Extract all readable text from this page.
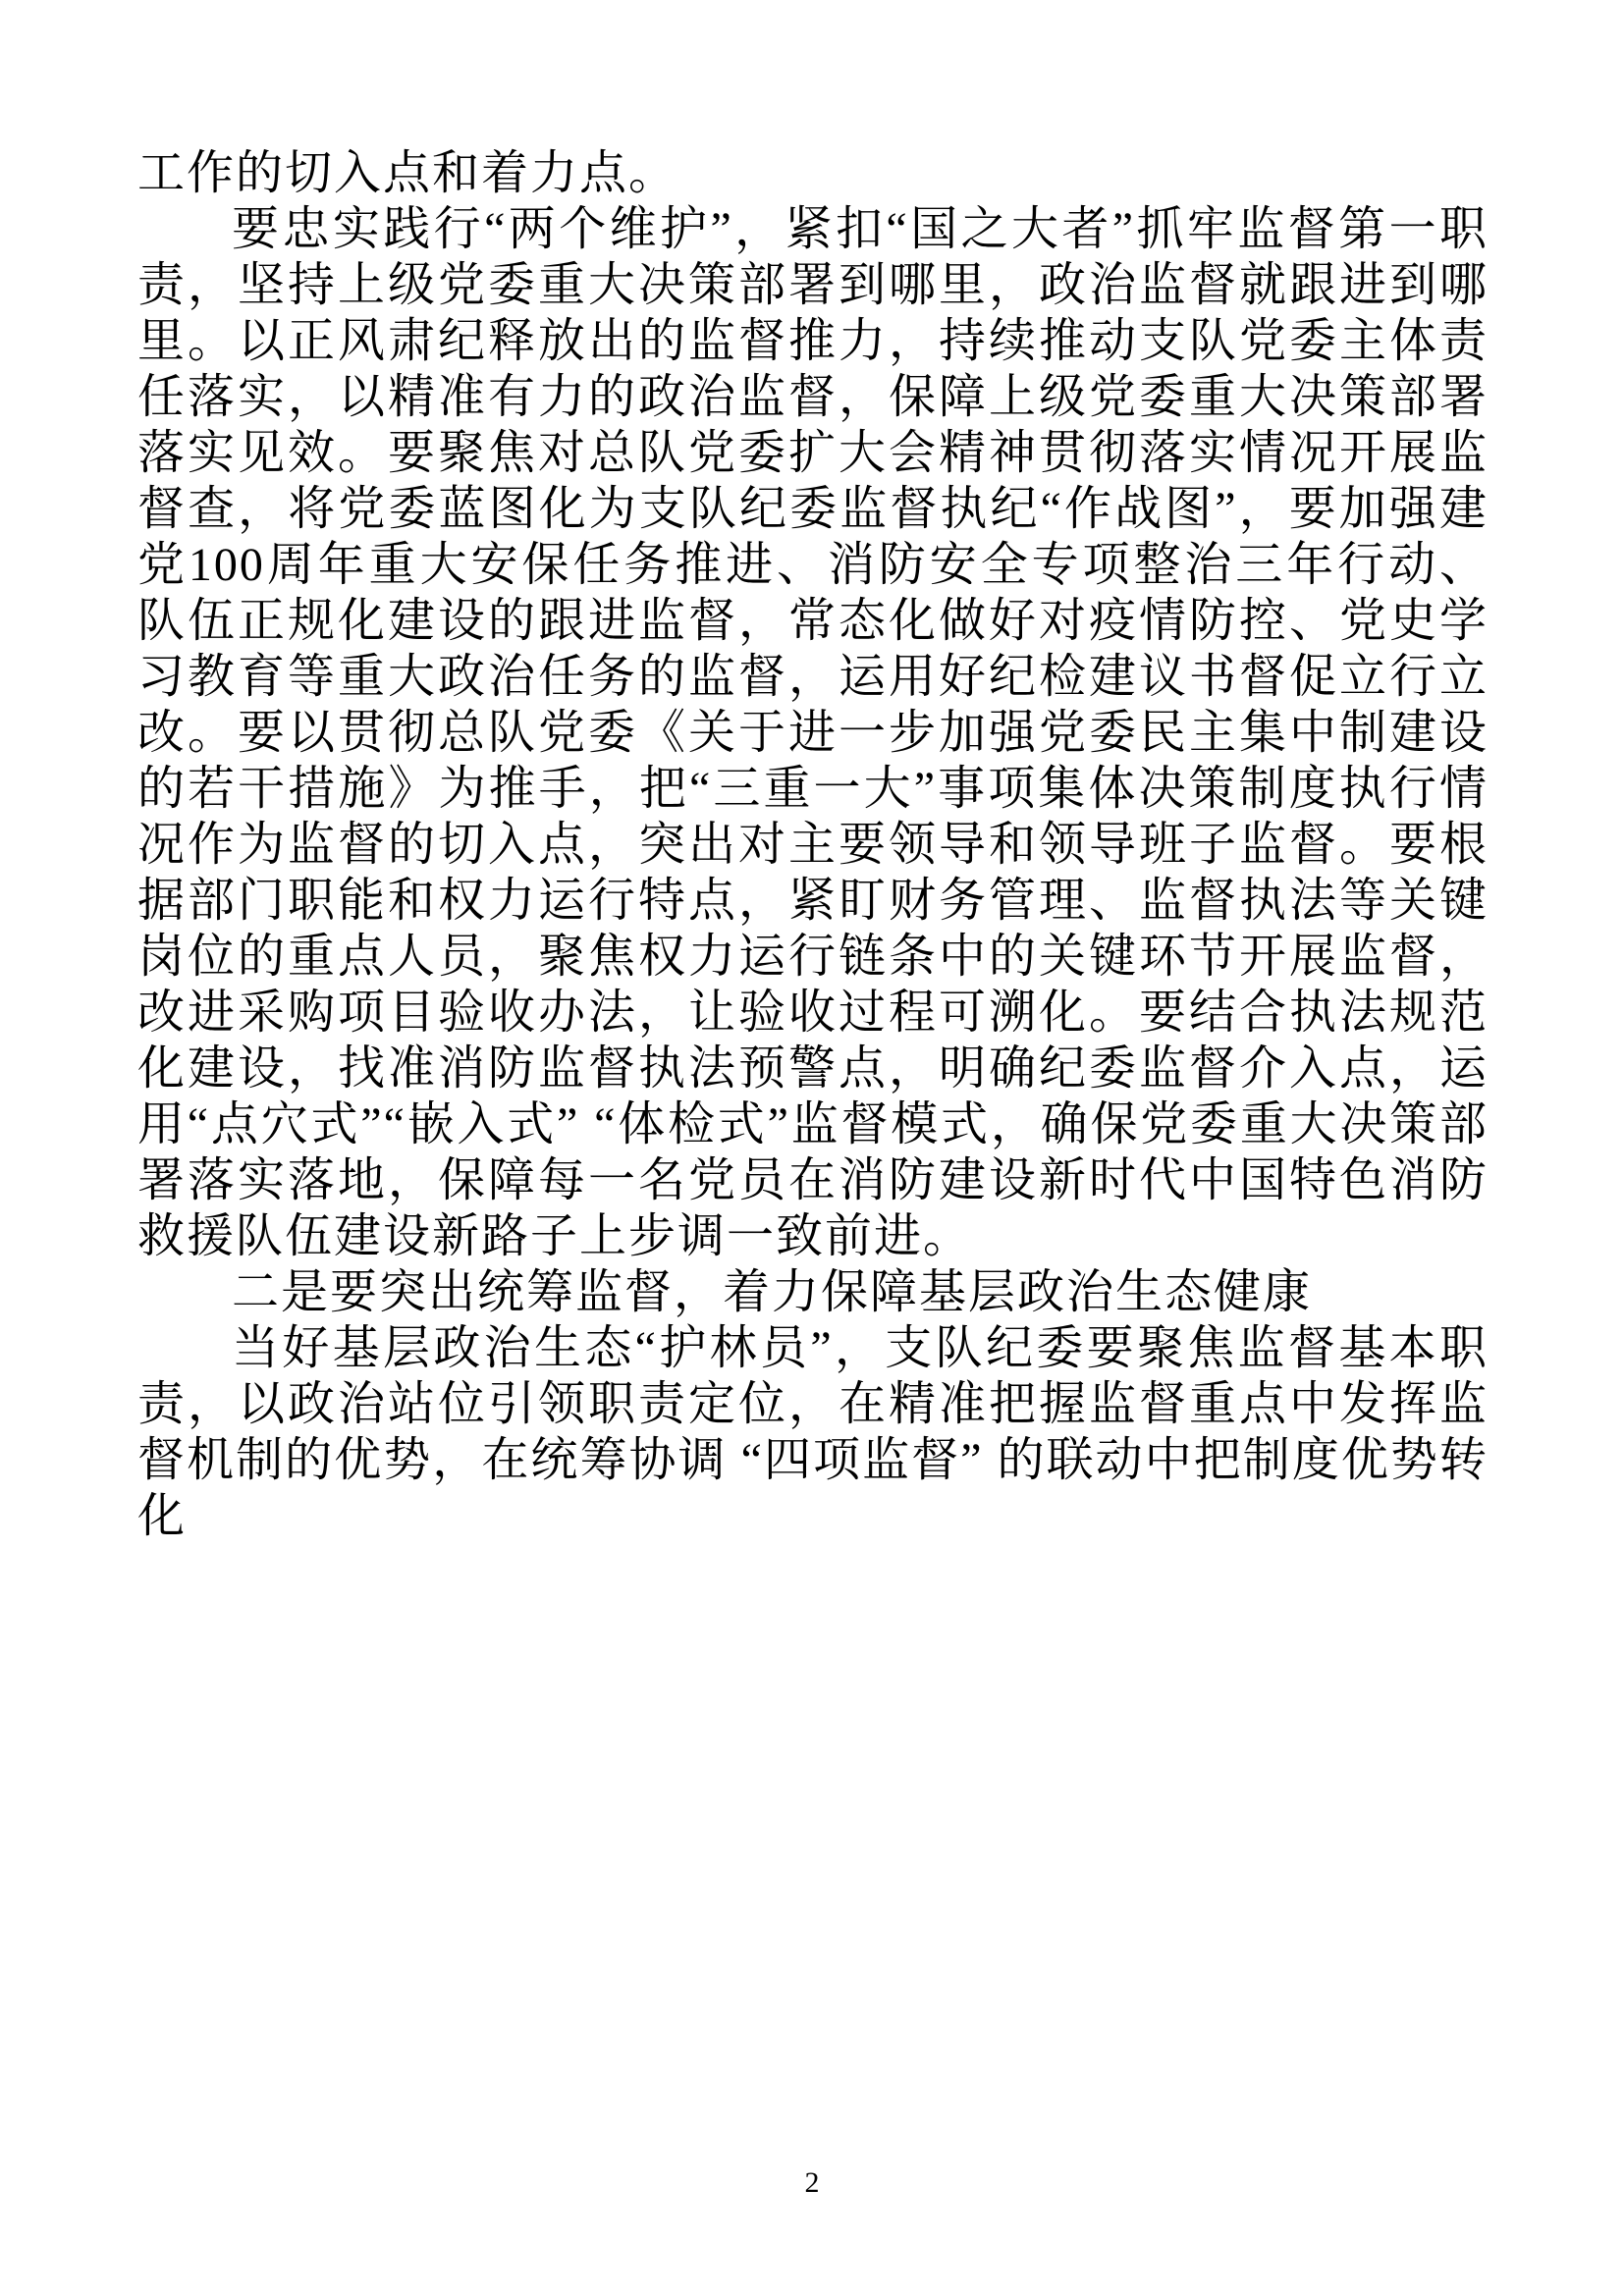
工作的切入点和着力点。

要忠实践行“两个维护”，紧扣“国之大者”抓牢监督第一职责，坚持上级党委重大决策部署到哪里，政治监督就跟进到哪里。以正风肃纪释放出的监督推力，持续推动支队党委主体责任落实，以精准有力的政治监督，保障上级党委重大决策部署落实见效。要聚焦对总队党委扩大会精神贯彻落实情况开展监督查，将党委蓝图化为支队纪委监督执纪“作战图”，要加强建党100周年重大安保任务推进、消防安全专项整治三年行动、队伍正规化建设的跟进监督，常态化做好对疫情防控、党史学习教育等重大政治任务的监督，运用好纪检建议书督促立行立改。要以贯彻总队党委《关于进一步加强党委民主集中制建设的若干措施》为推手，把“三重一大”事项集体决策制度执行情况作为监督的切入点，突出对主要领导和领导班子监督。要根据部门职能和权力运行特点，紧盯财务管理、监督执法等关键岗位的重点人员，聚焦权力运行链条中的关键环节开展监督，改进采购项目验收办法，让验收过程可溯化。要结合执法规范化建设，找准消防监督执法预警点，明确纪委监督介入点，运用“点穴式”“嵌入式” “体检式”监督模式，确保党委重大决策部署落实落地，保障每一名党员在消防建设新时代中国特色消防救援队伍建设新路子上步调一致前进。

二是要突出统筹监督，着力保障基层政治生态健康

当好基层政治生态“护林员”，支队纪委要聚焦监督基本职责，以政治站位引领职责定位，在精准把握监督重点中发挥监督机制的优势，在统筹协调 “四项监督” 的联动中把制度优势转化

2
